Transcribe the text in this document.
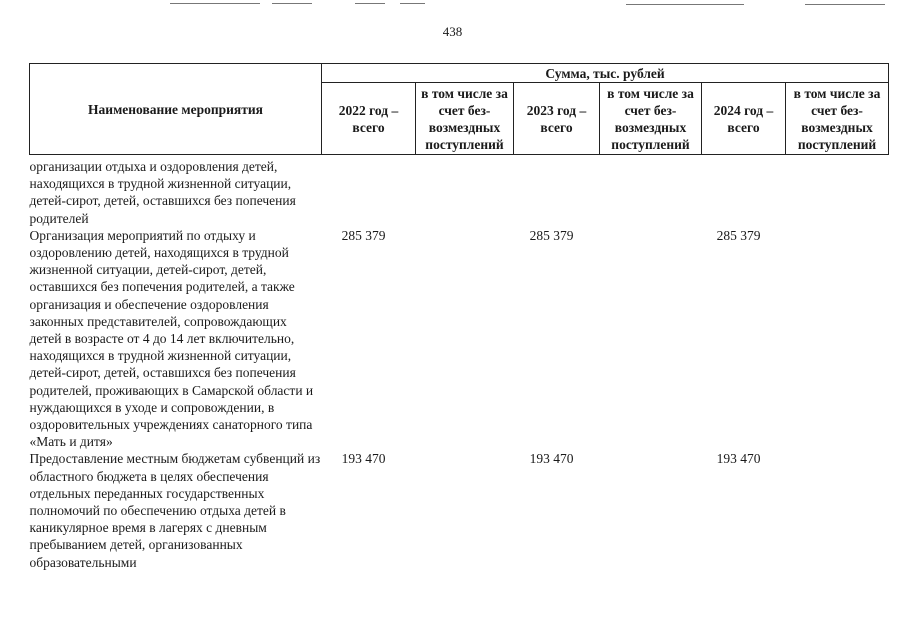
438
Наименование мероприятия	Сумма, тыс. рублей					
	2022 год – всего	в том числе за счет без-возмездных поступлений	2023 год – всего	в том числе за счет без-возмездных поступлений	2024 год – всего	в том числе за счет без-возмездных поступлений
организации отдыха и оздоровления детей, находящихся в трудной жизненной ситуации, детей-сирот, детей, оставшихся без попечения родителей						
Организация мероприятий по отдыху и оздоровлению детей, находящихся в трудной жизненной ситуации, детей-сирот, детей, оставшихся без попечения родителей, а также организация и обеспечение оздоровления законных представителей, сопровождающих детей в возрасте от 4 до 14 лет включительно, находящихся в трудной жизненной ситуации, детей-сирот, детей, оставшихся без попечения родителей, проживающих в Самарской области и нуждающихся в уходе и сопровождении, в оздоровительных учреждениях санаторного типа «Мать и дитя»	285 379		285 379		285 379	
Предоставление местным бюджетам субвенций из областного бюджета в целях обеспечения отдельных переданных государственных полномочий по обеспечению отдыха детей в каникулярное время в лагерях с дневным пребыванием детей, организованных образовательными	193 470		193 470		193 470	
